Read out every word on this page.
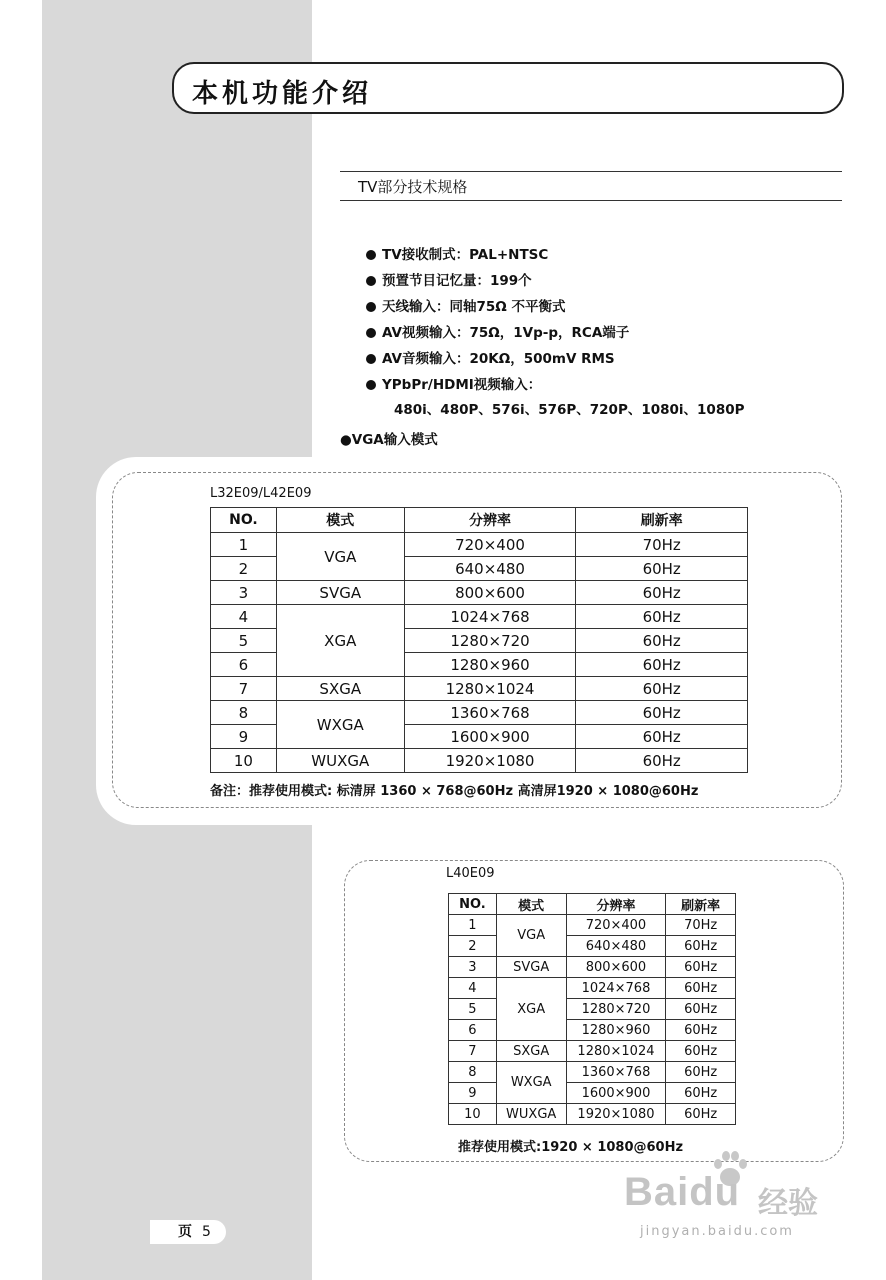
本机功能介绍
TV部分技术规格
TV接收制式：PAL+NTSC
预置节目记忆量：199个
天线输入：同轴75Ω 不平衡式
AV视频输入：75Ω，1Vp-p，RCA端子
AV音频输入：20KΩ，500mV RMS
YPbPr/HDMI视频输入：
480i、480P、576i、576P、720P、1080i、1080P
●VGA输入模式
L32E09/L42E09
NO.	模式	分辨率	刷新率
1	VGA	720×400	70Hz
2		640×480	60Hz
3	SVGA	800×600	60Hz
4	XGA	1024×768	60Hz
5		1280×720	60Hz
6		1280×960	60Hz
7	SXGA	1280×1024	60Hz
8	WXGA	1360×768	60Hz
9		1600×900	60Hz
10	WUXGA	1920×1080	60Hz
备注：推荐使用模式: 标清屏 1360 × 768@60Hz 高清屏1920 × 1080@60Hz
L40E09
NO.	模式	分辨率	刷新率
1	VGA	720×400	70Hz
2		640×480	60Hz
3	SVGA	800×600	60Hz
4	XGA	1024×768	60Hz
5		1280×720	60Hz
6		1280×960	60Hz
7	SXGA	1280×1024	60Hz
8	WXGA	1360×768	60Hz
9		1600×900	60Hz
10	WUXGA	1920×1080	60Hz
推荐使用模式:1920 × 1080@60Hz
页 5
Baidu 经验
jingyan.baidu.com
